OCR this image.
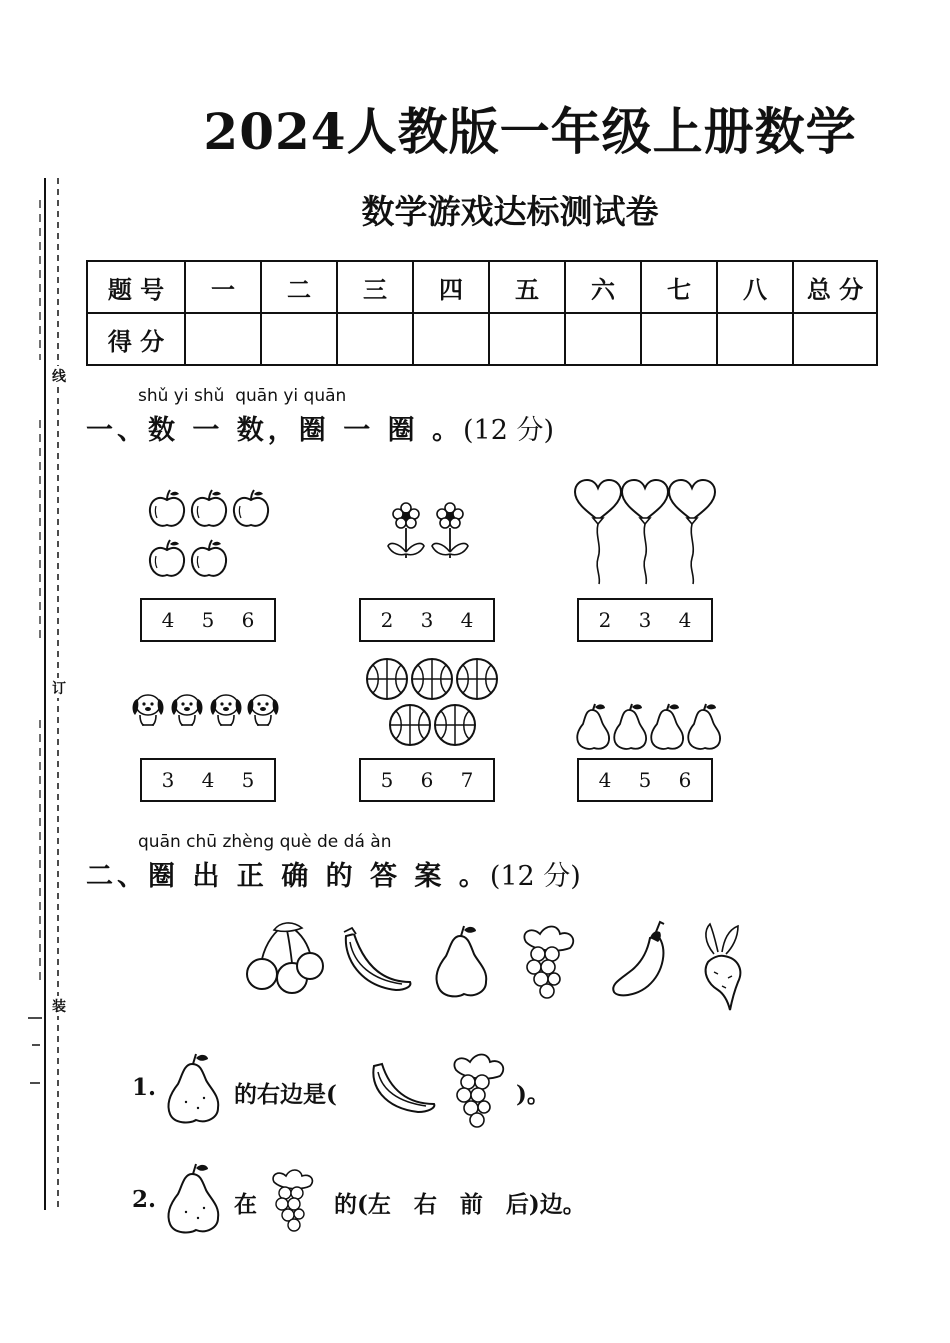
线
订
装
2024人教版一年级上册数学
数学游戏达标测试卷
题 号	一	二	三	四	五	六	七	八	总 分
得 分									
shǔ yi shǔ  quān yi quān
一、数 一 数，圈 一 圈 。(12 分)
4 5 6	2 3 4	2 3 4
3 4 5	5 6 7	4 5 6
quān chū zhèng què de dá àn
二、圈 出 正 确 的 答 案 。(12 分)
1.	的右边是(	)。
2.	在	的(左　右　前　后)边。
